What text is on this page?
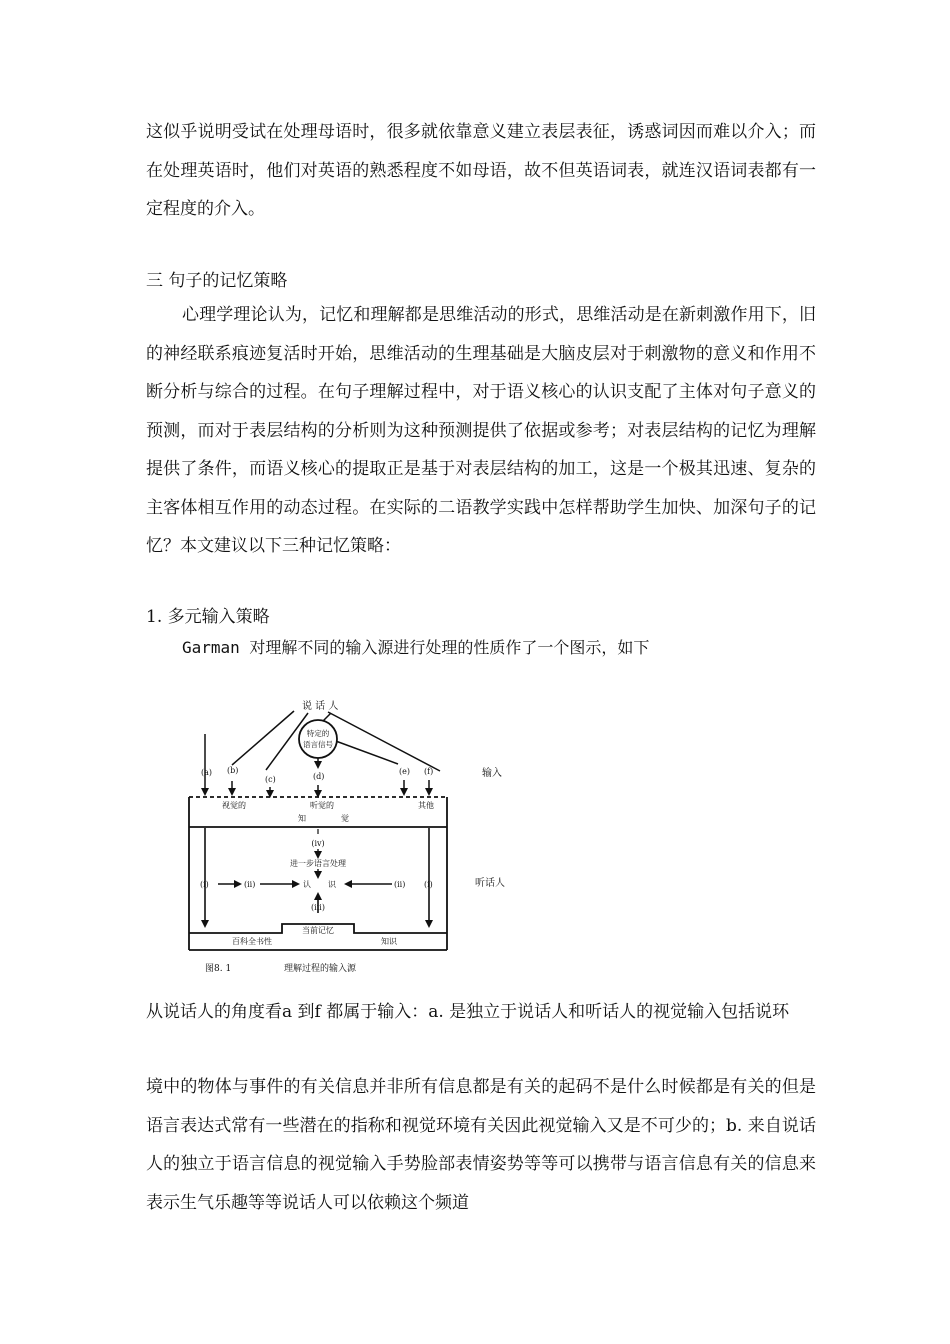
这似乎说明受试在处理母语时，很多就依靠意义建立表层表征，诱惑词因而难以介入；而在处理英语时，他们对英语的熟悉程度不如母语，故不但英语词表，就连汉语词表都有一定程度的介入。

三 句子的记忆策略

心理学理论认为，记忆和理解都是思维活动的形式，思维活动是在新刺激作用下，旧的神经联系痕迹复活时开始，思维活动的生理基础是大脑皮层对于刺激物的意义和作用不断分析与综合的过程。在句子理解过程中，对于语义核心的认识支配了主体对句子意义的预测，而对于表层结构的分析则为这种预测提供了依据或参考；对表层结构的记忆为理解提供了条件，而语义核心的提取正是基于对表层结构的加工，这是一个极其迅速、复杂的主客体相互作用的动态过程。在实际的二语教学实践中怎样帮助学生加快、加深句子的记忆？本文建议以下三种记忆策略：

1. 多元输入策略

Garman 对理解不同的输入源进行处理的性质作了一个图示，如下

说 话 人
特定的
语言信号
(a) (b)
(c)	(d)
(e) (f)	输入
视觉的	听觉的	其他
知	觉
(iv)
进一步语言处理
(i)	(ii)	认 识	(ii) (i)	听话人
(iii)
当前记忆
百科全书性	知识
图8. 1	理解过程的输入源

从说话人的角度看a 到f 都属于输入：a. 是独立于说话人和听话人的视觉输入包括说环

境中的物体与事件的有关信息并非所有信息都是有关的起码不是什么时候都是有关的但是语言表达式常有一些潜在的指称和视觉环境有关因此视觉输入又是不可少的；b. 来自说话人的独立于语言信息的视觉输入手势脸部表情姿势等等可以携带与语言信息有关的信息来表示生气乐趣等等说话人可以依赖这个频道
